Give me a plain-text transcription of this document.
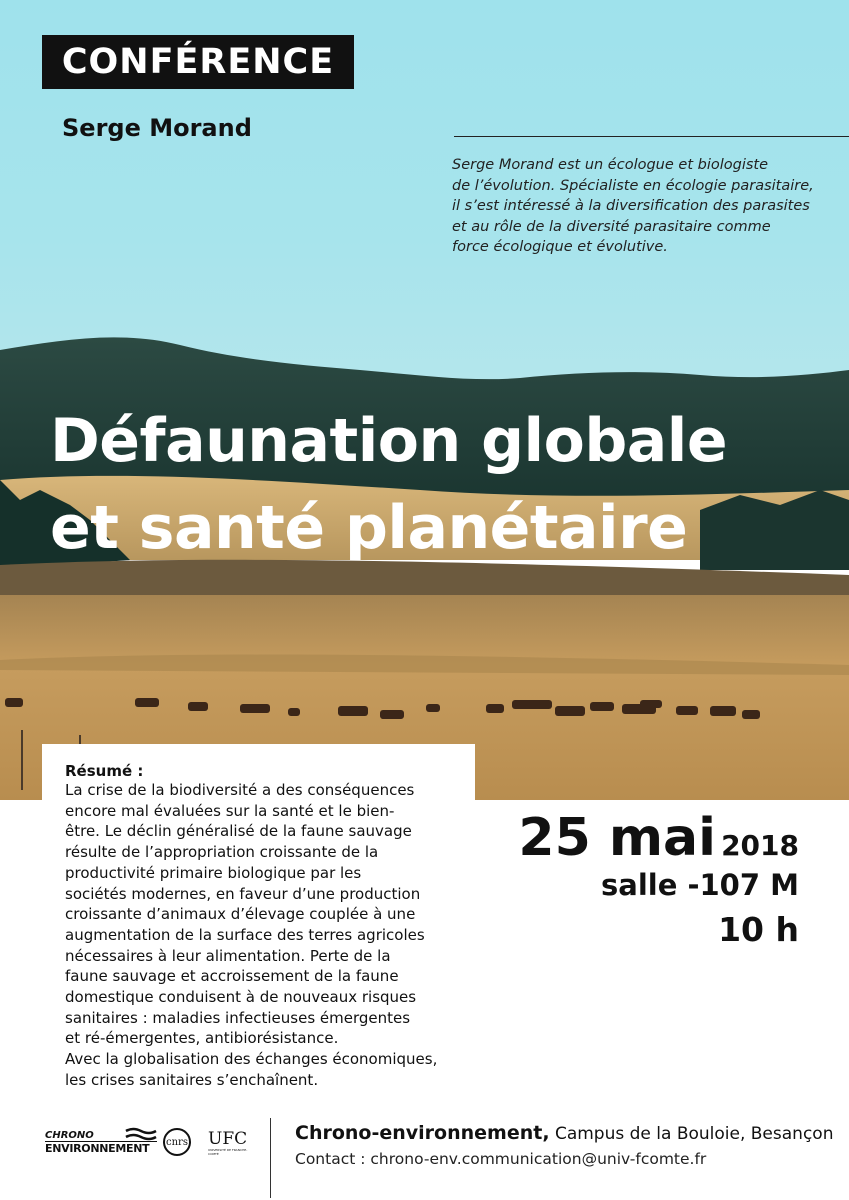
CONFÉRENCE
Serge Morand
Serge Morand est un écologue et biologiste
de l’évolution. Spécialiste en écologie parasitaire,
il s’est intéressé à la diversification des parasites
et au rôle de la diversité parasitaire comme
force écologique et évolutive.
Défaunation globale
et santé planétaire
Résumé :
La crise de la biodiversité a des conséquences
encore mal évaluées sur la santé et le bien-
être. Le déclin généralisé de la faune sauvage
résulte de l’appropriation croissante de la
productivité primaire biologique par les
sociétés modernes, en faveur d’une production
croissante d’animaux d’élevage couplée à une
augmentation de la surface des terres agricoles
nécessaires à leur alimentation. Perte de la
faune sauvage et accroissement de la faune
domestique conduisent à de nouveaux risques
sanitaires : maladies infectieuses émergentes
et ré-émergentes, antibiorésistance.
Avec la globalisation des échanges économiques,
les crises sanitaires s’enchaînent.
25 mai 2018
salle -107 M
10 h
CHRONO
ENVIRONNEMENT	cnrs UFC
UNIVERSITÉ DE FRANCHE-COMTÉ
Chrono-environnement, Campus de la Bouloie, Besançon
Contact : chrono-env.communication@univ-fcomte.fr
